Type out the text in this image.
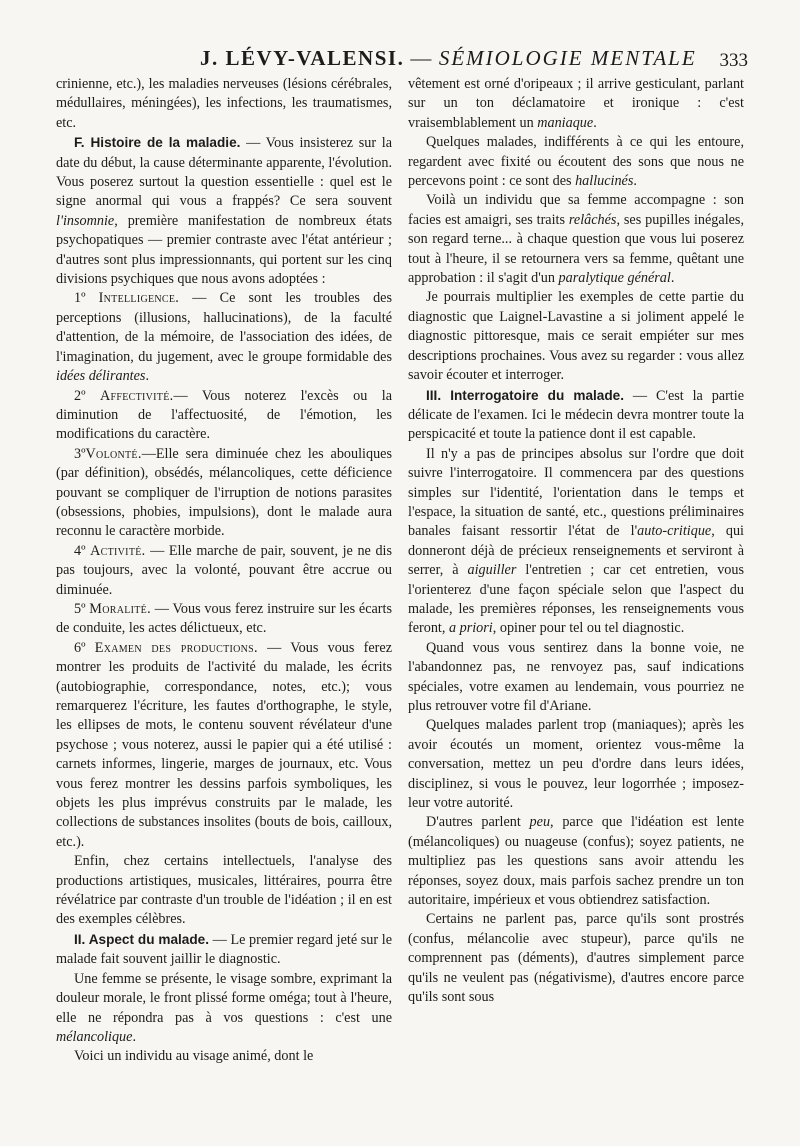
J. LÉVY-VALENSI. — SÉMIOLOGIE MENTALE 333

crinienne, etc.), les maladies nerveuses (lésions cérébrales, médullaires, méningées), les infections, les traumatismes, etc.

F. Histoire de la maladie. — Vous insisterez sur la date du début, la cause déterminante apparente, l'évolution. Vous poserez surtout la question essentielle : quel est le signe anormal qui vous a frappés? Ce sera souvent l'insomnie, première manifestation de nombreux états psychopatiques — premier contraste avec l'état antérieur ; d'autres sont plus impressionnants, qui portent sur les cinq divisions psychiques que nous avons adoptées :

1º Intelligence. — Ce sont les troubles des perceptions (illusions, hallucinations), de la faculté d'attention, de la mémoire, de l'association des idées, de l'imagination, du jugement, avec le groupe formidable des idées délirantes.

2º Affectivité.— Vous noterez l'excès ou la diminution de l'affectuosité, de l'émotion, les modifications du caractère.

3ºVolonté.—Elle sera diminuée chez les abouliques (par définition), obsédés, mélancoliques, cette déficience pouvant se compliquer de l'irruption de notions parasites (obsessions, phobies, impulsions), dont le malade aura reconnu le caractère morbide.

4º Activité. — Elle marche de pair, souvent, je ne dis pas toujours, avec la volonté, pouvant être accrue ou diminuée.

5º Moralité. — Vous vous ferez instruire sur les écarts de conduite, les actes délictueux, etc.

6º Examen des productions. — Vous vous ferez montrer les produits de l'activité du malade, les écrits (autobiographie, correspondance, notes, etc.); vous remarquerez l'écriture, les fautes d'orthographe, le style, les ellipses de mots, le contenu souvent révélateur d'une psychose ; vous noterez, aussi le papier qui a été utilisé : carnets informes, lingerie, marges de journaux, etc. Vous vous ferez montrer les dessins parfois symboliques, les objets les plus imprévus construits par le malade, les collections de substances insolites (bouts de bois, cailloux, etc.).

Enfin, chez certains intellectuels, l'analyse des productions artistiques, musicales, littéraires, pourra être révélatrice par contraste d'un trouble de l'idéation ; il en est des exemples célèbres.

II. Aspect du malade. — Le premier regard jeté sur le malade fait souvent jaillir le diagnostic.

Une femme se présente, le visage sombre, exprimant la douleur morale, le front plissé forme oméga; tout à l'heure, elle ne répondra pas à vos questions : c'est une mélancolique.

Voici un individu au visage animé, dont le

vêtement est orné d'oripeaux ; il arrive gesticulant, parlant sur un ton déclamatoire et ironique : c'est vraisemblablement un maniaque.

Quelques malades, indifférents à ce qui les entoure, regardent avec fixité ou écoutent des sons que nous ne percevons point : ce sont des hallucinés.

Voilà un individu que sa femme accompagne : son facies est amaigri, ses traits relâchés, ses pupilles inégales, son regard terne... à chaque question que vous lui poserez tout à l'heure, il se retournera vers sa femme, quêtant une approbation : il s'agit d'un paralytique général.

Je pourrais multiplier les exemples de cette partie du diagnostic que Laignel-Lavastine a si joliment appelé le diagnostic pittoresque, mais ce serait empiéter sur mes descriptions prochaines. Vous avez su regarder : vous allez savoir écouter et interroger.

III. Interrogatoire du malade. — C'est la partie délicate de l'examen. Ici le médecin devra montrer toute la perspicacité et toute la patience dont il est capable.

Il n'y a pas de principes absolus sur l'ordre que doit suivre l'interrogatoire. Il commencera par des questions simples sur l'identité, l'orientation dans le temps et l'espace, la situation de santé, etc., questions préliminaires banales faisant ressortir l'état de l'auto-critique, qui donneront déjà de précieux renseignements et serviront à serrer, à aiguiller l'entretien ; car cet entretien, vous l'orienterez d'une façon spéciale selon que l'aspect du malade, les premières réponses, les renseignements vous feront, a priori, opiner pour tel ou tel diagnostic.

Quand vous vous sentirez dans la bonne voie, ne l'abandonnez pas, ne renvoyez pas, sauf indications spéciales, votre examen au lendemain, vous pourriez ne plus retrouver votre fil d'Ariane.

Quelques malades parlent trop (maniaques); après les avoir écoutés un moment, orientez vous-même la conversation, mettez un peu d'ordre dans leurs idées, disciplinez, si vous le pouvez, leur logorrhée ; imposez-leur votre autorité.

D'autres parlent peu, parce que l'idéation est lente (mélancoliques) ou nuageuse (confus); soyez patients, ne multipliez pas les questions sans avoir attendu les réponses, soyez doux, mais parfois sachez prendre un ton autoritaire, impérieux et vous obtiendrez satisfaction.

Certains ne parlent pas, parce qu'ils sont prostrés (confus, mélancolie avec stupeur), parce qu'ils ne comprennent pas (déments), d'autres simplement parce qu'ils ne veulent pas (négativisme), d'autres encore parce qu'ils sont sous
